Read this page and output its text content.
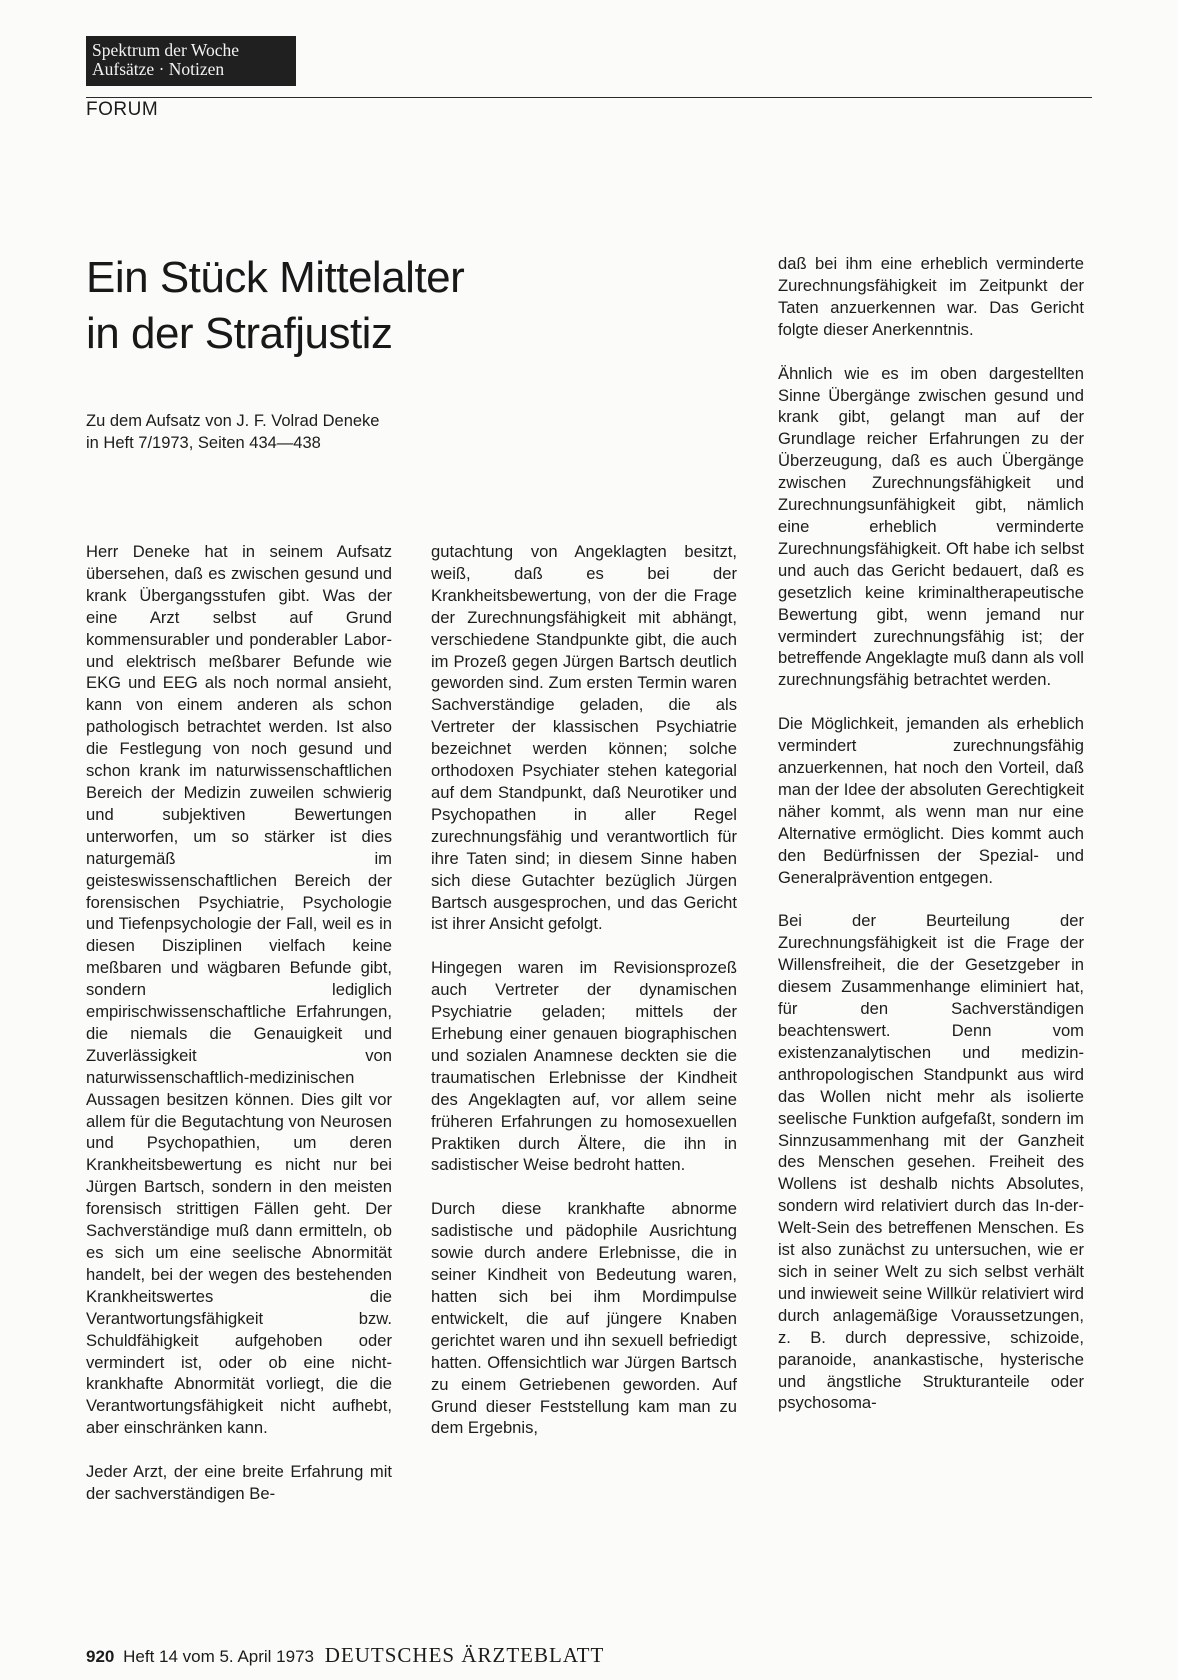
Spektrum der Woche
Aufsätze · Notizen
FORUM
Ein Stück Mittelalter
in der Strafjustiz
Zu dem Aufsatz von J. F. Volrad Deneke
in Heft 7/1973, Seiten 434—438

Herr Deneke hat in seinem Aufsatz übersehen, daß es zwischen gesund und krank Übergangsstufen gibt. Was der eine Arzt selbst auf Grund kommensurabler und ponderabler Labor- und elektrisch meßbarer Befunde wie EKG und EEG als noch normal ansieht, kann von einem anderen als schon pathologisch betrachtet werden. Ist also die Festlegung von noch gesund und schon krank im naturwissenschaftlichen Bereich der Medizin zuweilen schwierig und subjektiven Bewertungen unterworfen, um so stärker ist dies naturgemäß im geisteswissenschaftlichen Bereich der forensischen Psychiatrie, Psychologie und Tiefenpsychologie der Fall, weil es in diesen Disziplinen vielfach keine meßbaren und wägbaren Befunde gibt, sondern lediglich empirischwissenschaftliche Erfahrungen, die niemals die Genauigkeit und Zuverlässigkeit von naturwissenschaftlich-medizinischen Aussagen besitzen können. Dies gilt vor allem für die Begutachtung von Neurosen und Psychopathien, um deren Krankheitsbewertung es nicht nur bei Jürgen Bartsch, sondern in den meisten forensisch strittigen Fällen geht. Der Sachverständige muß dann ermitteln, ob es sich um eine seelische Abnormität handelt, bei der wegen des bestehenden Krankheitswertes die Verantwortungsfähigkeit bzw. Schuldfähigkeit aufgehoben oder vermindert ist, oder ob eine nicht-krankhafte Abnormität vorliegt, die die Verantwortungsfähigkeit nicht aufhebt, aber einschränken kann.

Jeder Arzt, der eine breite Erfahrung mit der sachverständigen Be-

gutachtung von Angeklagten besitzt, weiß, daß es bei der Krankheitsbewertung, von der die Frage der Zurechnungsfähigkeit mit abhängt, verschiedene Standpunkte gibt, die auch im Prozeß gegen Jürgen Bartsch deutlich geworden sind. Zum ersten Termin waren Sachverständige geladen, die als Vertreter der klassischen Psychiatrie bezeichnet werden können; solche orthodoxen Psychiater stehen kategorial auf dem Standpunkt, daß Neurotiker und Psychopathen in aller Regel zurechnungsfähig und verantwortlich für ihre Taten sind; in diesem Sinne haben sich diese Gutachter bezüglich Jürgen Bartsch ausgesprochen, und das Gericht ist ihrer Ansicht gefolgt.

Hingegen waren im Revisionsprozeß auch Vertreter der dynamischen Psychiatrie geladen; mittels der Erhebung einer genauen biographischen und sozialen Anamnese deckten sie die traumatischen Erlebnisse der Kindheit des Angeklagten auf, vor allem seine früheren Erfahrungen zu homosexuellen Praktiken durch Ältere, die ihn in sadistischer Weise bedroht hatten.

Durch diese krankhafte abnorme sadistische und pädophile Ausrichtung sowie durch andere Erlebnisse, die in seiner Kindheit von Bedeutung waren, hatten sich bei ihm Mordimpulse entwickelt, die auf jüngere Knaben gerichtet waren und ihn sexuell befriedigt hatten. Offensichtlich war Jürgen Bartsch zu einem Getriebenen geworden. Auf Grund dieser Feststellung kam man zu dem Ergebnis,

daß bei ihm eine erheblich verminderte Zurechnungsfähigkeit im Zeitpunkt der Taten anzuerkennen war. Das Gericht folgte dieser Anerkenntnis.

Ähnlich wie es im oben dargestellten Sinne Übergänge zwischen gesund und krank gibt, gelangt man auf der Grundlage reicher Erfahrungen zu der Überzeugung, daß es auch Übergänge zwischen Zurechnungsfähigkeit und Zurechnungsunfähigkeit gibt, nämlich eine erheblich verminderte Zurechnungsfähigkeit. Oft habe ich selbst und auch das Gericht bedauert, daß es gesetzlich keine kriminaltherapeutische Bewertung gibt, wenn jemand nur vermindert zurechnungsfähig ist; der betreffende Angeklagte muß dann als voll zurechnungsfähig betrachtet werden.

Die Möglichkeit, jemanden als erheblich vermindert zurechnungsfähig anzuerkennen, hat noch den Vorteil, daß man der Idee der absoluten Gerechtigkeit näher kommt, als wenn man nur eine Alternative ermöglicht. Dies kommt auch den Bedürfnissen der Spezial- und Generalprävention entgegen.

Bei der Beurteilung der Zurechnungsfähigkeit ist die Frage der Willensfreiheit, die der Gesetzgeber in diesem Zusammenhange eliminiert hat, für den Sachverständigen beachtenswert. Denn vom existenzanalytischen und medizin-anthropologischen Standpunkt aus wird das Wollen nicht mehr als isolierte seelische Funktion aufgefaßt, sondern im Sinnzusammenhang mit der Ganzheit des Menschen gesehen. Freiheit des Wollens ist deshalb nichts Absolutes, sondern wird relativiert durch das In-der-Welt-Sein des betreffenen Menschen. Es ist also zunächst zu untersuchen, wie er sich in seiner Welt zu sich selbst verhält und inwieweit seine Willkür relativiert wird durch anlagemäßige Voraussetzungen, z. B. durch depressive, schizoide, paranoide, anankastische, hysterische und ängstliche Strukturanteile oder psychosoma-

920 Heft 14 vom 5. April 1973 DEUTSCHES ÄRZTEBLATT
